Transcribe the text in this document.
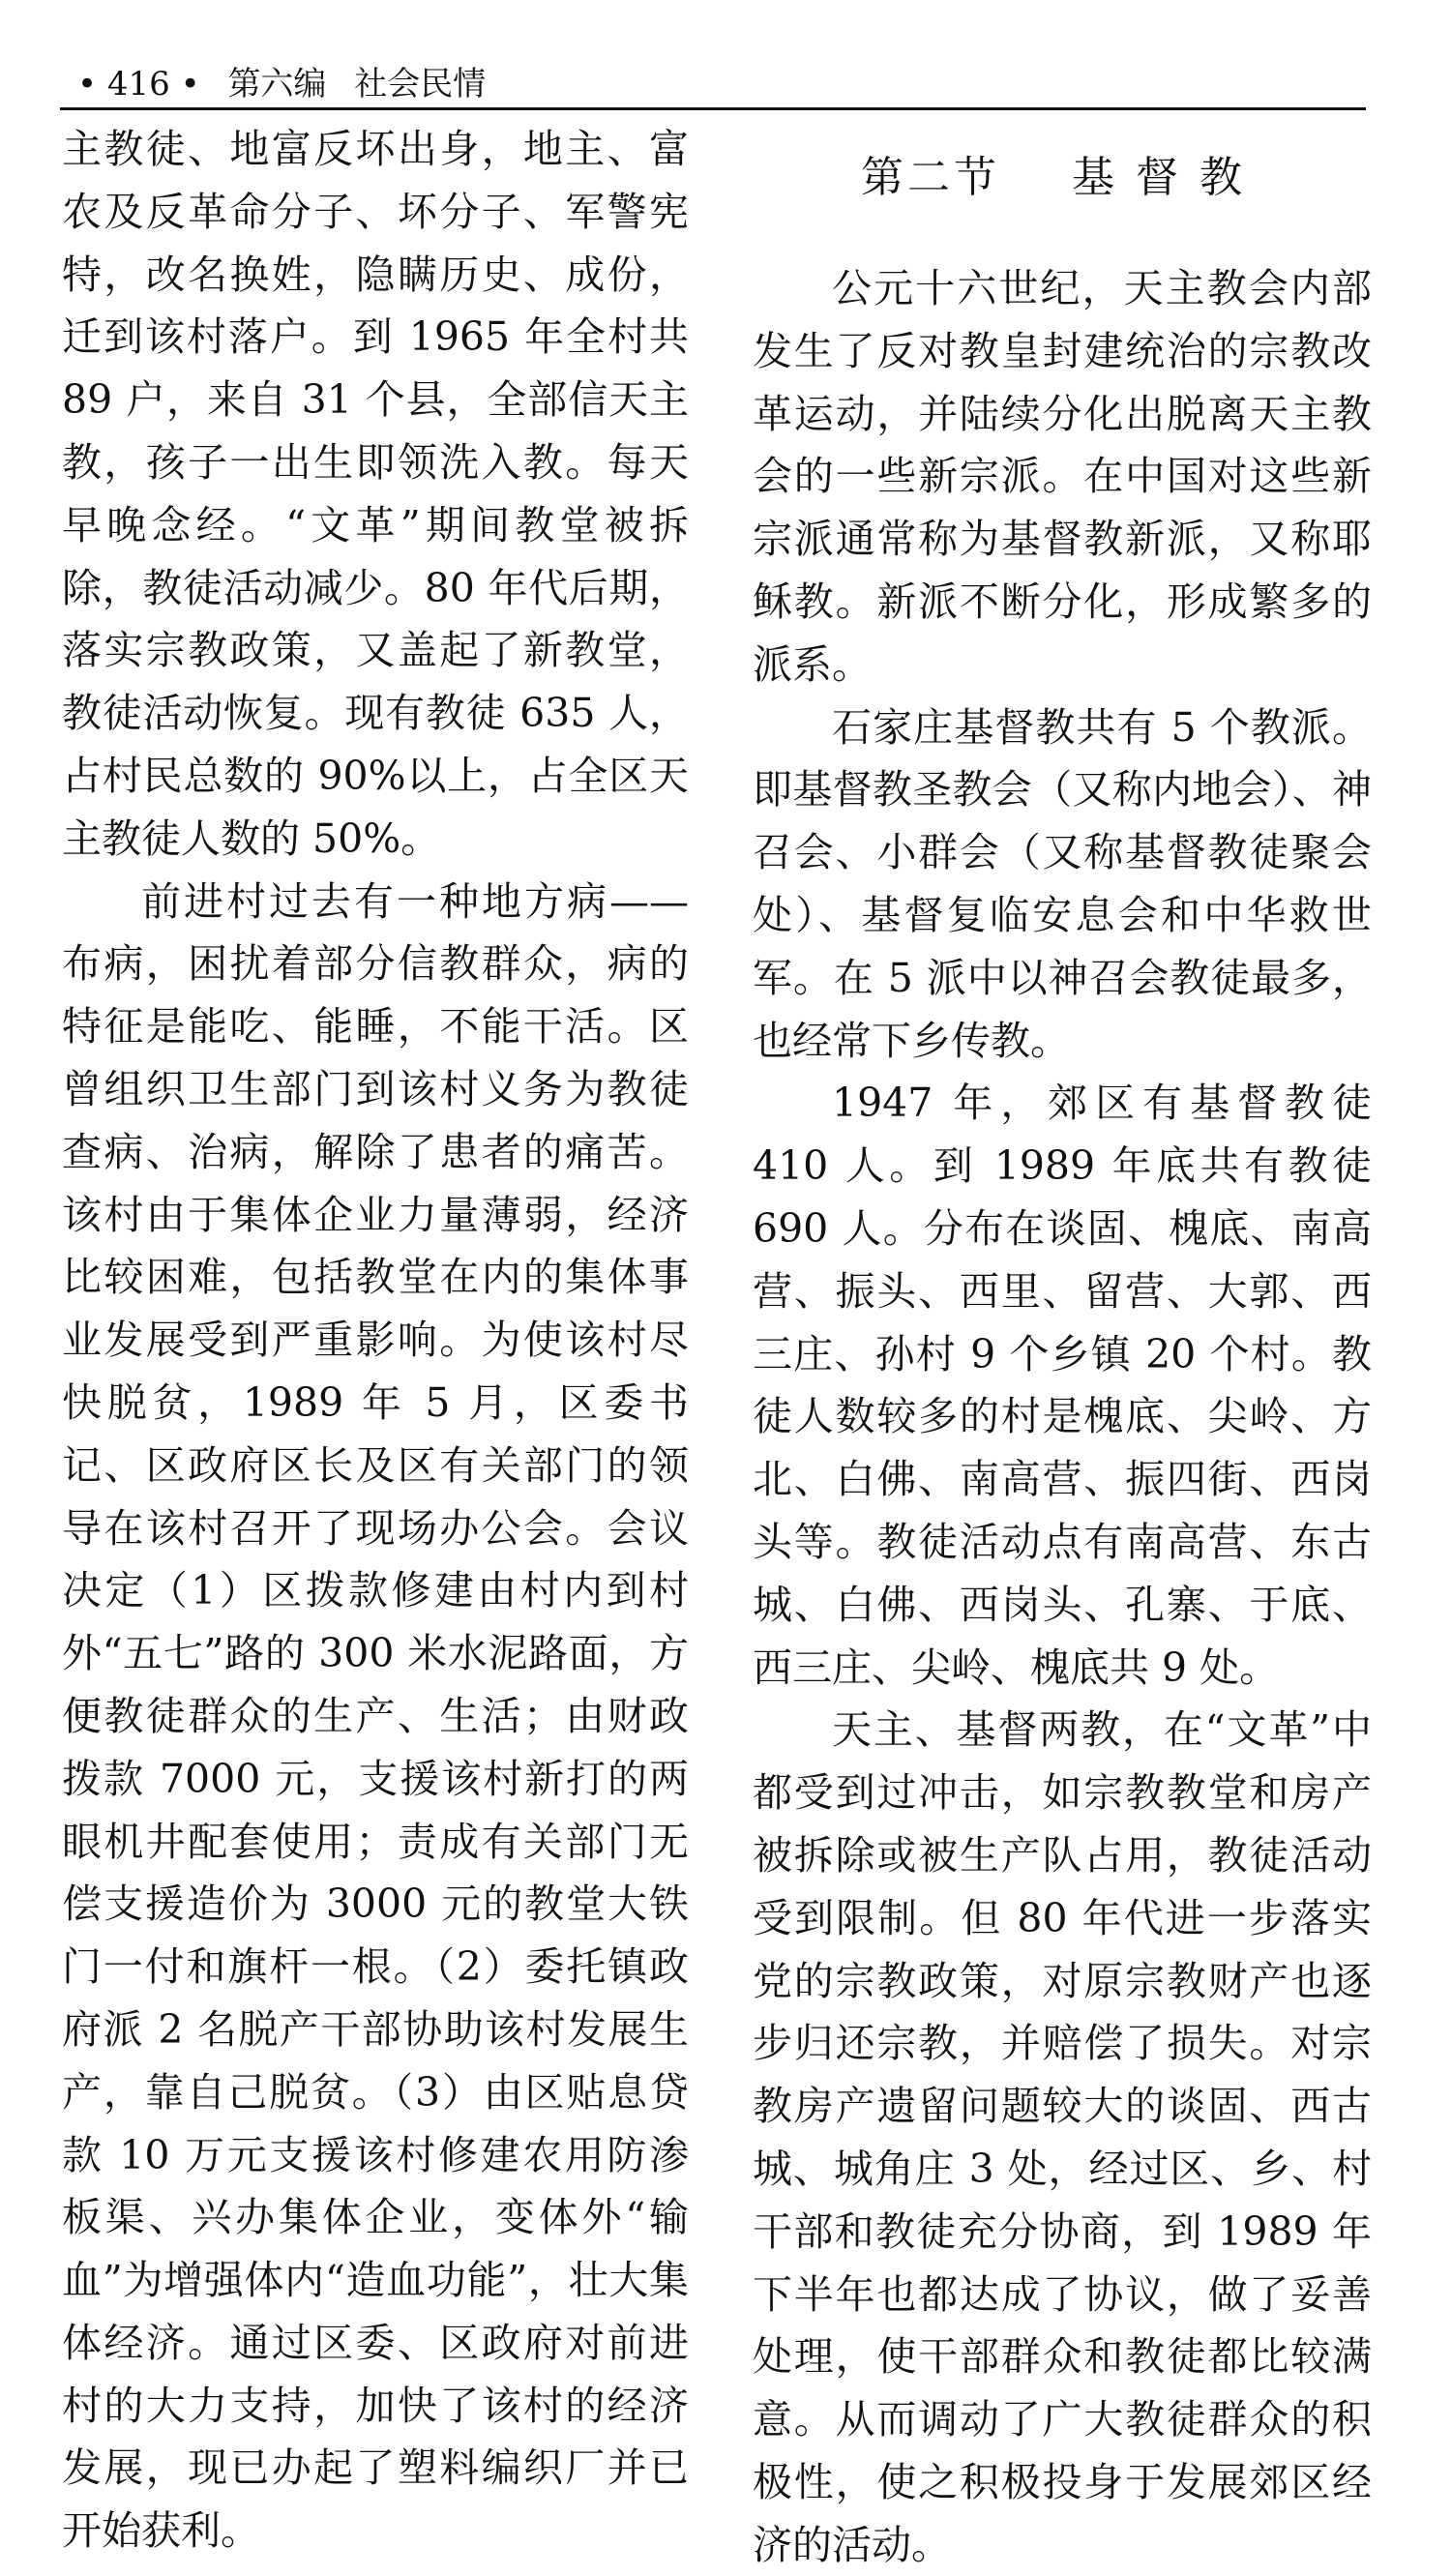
• 416 • 第六编 社会民情

主教徒、地富反坏出身，地主、富农及反革命分子、坏分子、军警宪特，改名换姓，隐瞒历史、成份，迁到该村落户。到 1965 年全村共 89 户，来自 31 个县，全部信天主教，孩子一出生即领洗入教。每天早晚念经。“文革”期间教堂被拆除，教徒活动减少。80 年代后期，落实宗教政策，又盖起了新教堂，教徒活动恢复。现有教徒 635 人，占村民总数的 90%以上，占全区天主教徒人数的 50%。

前进村过去有一种地方病——布病，困扰着部分信教群众，病的特征是能吃、能睡，不能干活。区曾组织卫生部门到该村义务为教徒查病、治病，解除了患者的痛苦。该村由于集体企业力量薄弱，经济比较困难，包括教堂在内的集体事业发展受到严重影响。为使该村尽快脱贫，1989 年 5 月，区委书记、区政府区长及区有关部门的领导在该村召开了现场办公会。会议决定（1）区拨款修建由村内到村外“五七”路的 300 米水泥路面，方便教徒群众的生产、生活；由财政拨款 7000 元，支援该村新打的两眼机井配套使用；责成有关部门无偿支援造价为 3000 元的教堂大铁门一付和旗杆一根。（2）委托镇政府派 2 名脱产干部协助该村发展生产，靠自己脱贫。（3）由区贴息贷款 10 万元支援该村修建农用防渗板渠、兴办集体企业，变体外“输血”为增强体内“造血功能”，壮大集体经济。通过区委、区政府对前进村的大力支持，加快了该村的经济发展，现已办起了塑料编织厂并已开始获利。

第二节 基督教

公元十六世纪，天主教会内部发生了反对教皇封建统治的宗教改革运动，并陆续分化出脱离天主教会的一些新宗派。在中国对这些新宗派通常称为基督教新派，又称耶稣教。新派不断分化，形成繁多的派系。

石家庄基督教共有 5 个教派。即基督教圣教会（又称内地会）、神召会、小群会（又称基督教徒聚会处）、基督复临安息会和中华救世军。在 5 派中以神召会教徒最多，也经常下乡传教。

1947 年，郊区有基督教徒 410 人。到 1989 年底共有教徒 690 人。分布在谈固、槐底、南高营、振头、西里、留营、大郭、西三庄、孙村 9 个乡镇 20 个村。教徒人数较多的村是槐底、尖岭、方北、白佛、南高营、振四街、西岗头等。教徒活动点有南高营、东古城、白佛、西岗头、孔寨、于底、西三庄、尖岭、槐底共 9 处。

天主、基督两教，在“文革”中都受到过冲击，如宗教教堂和房产被拆除或被生产队占用，教徒活动受到限制。但 80 年代进一步落实党的宗教政策，对原宗教财产也逐步归还宗教，并赔偿了损失。对宗教房产遗留问题较大的谈固、西古城、城角庄 3 处，经过区、乡、村干部和教徒充分协商，到 1989 年下半年也都达成了协议，做了妥善处理，使干部群众和教徒都比较满意。从而调动了广大教徒群众的积极性，使之积极投身于发展郊区经济的活动。
